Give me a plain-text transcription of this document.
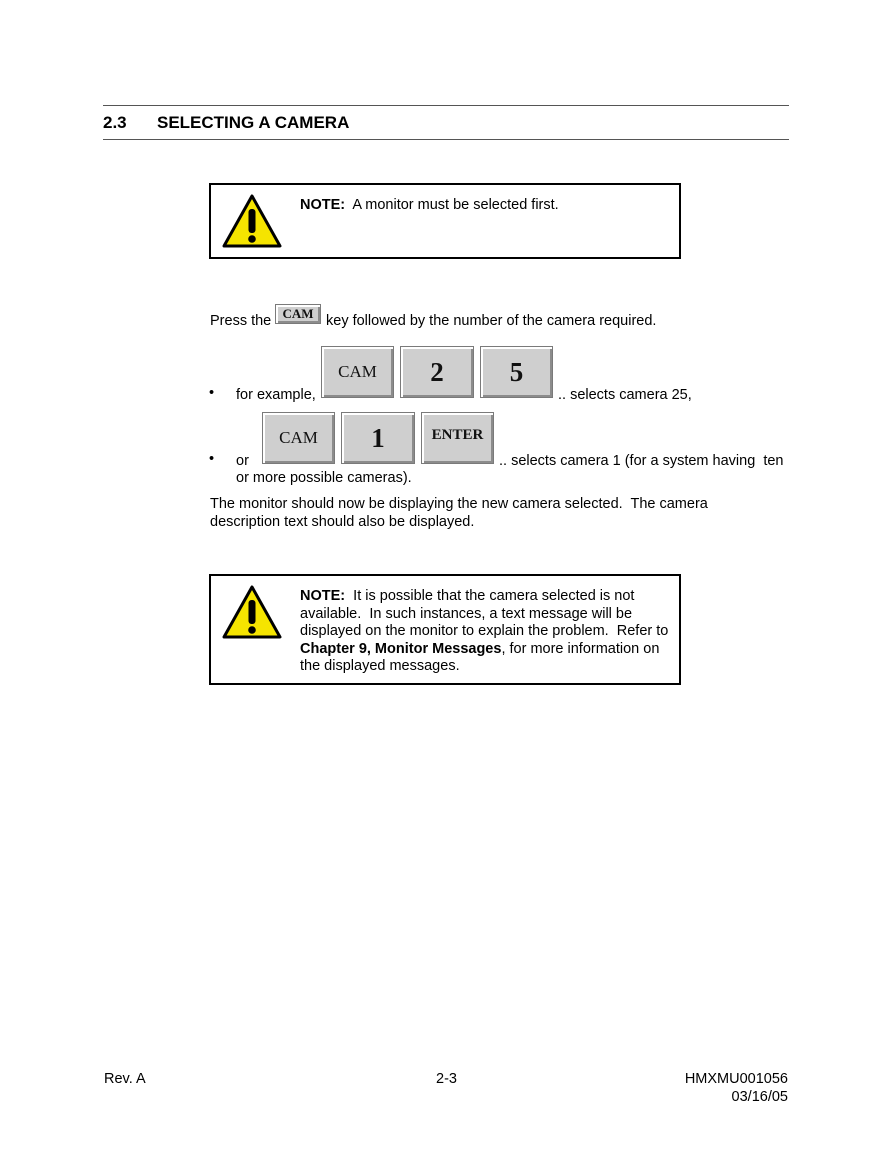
2.3 SELECTING A CAMERA
NOTE: A monitor must be selected first.
Press the CAM key followed by the number of the camera required.
• for example,
CAM	2	5
.. selects camera 25,
• or
CAM	1	ENTER
.. selects camera 1 (for a system having  ten
or more possible cameras).
The monitor should now be displaying the new camera selected.  The camera
description text should also be displayed.
NOTE: It is possible that the camera selected is not
available.  In such instances, a text message will be
displayed on the monitor to explain the problem.  Refer to
Chapter 9, Monitor Messages, for more information on
the displayed messages.
Rev. A	2-3	HMXMU001056
03/16/05
